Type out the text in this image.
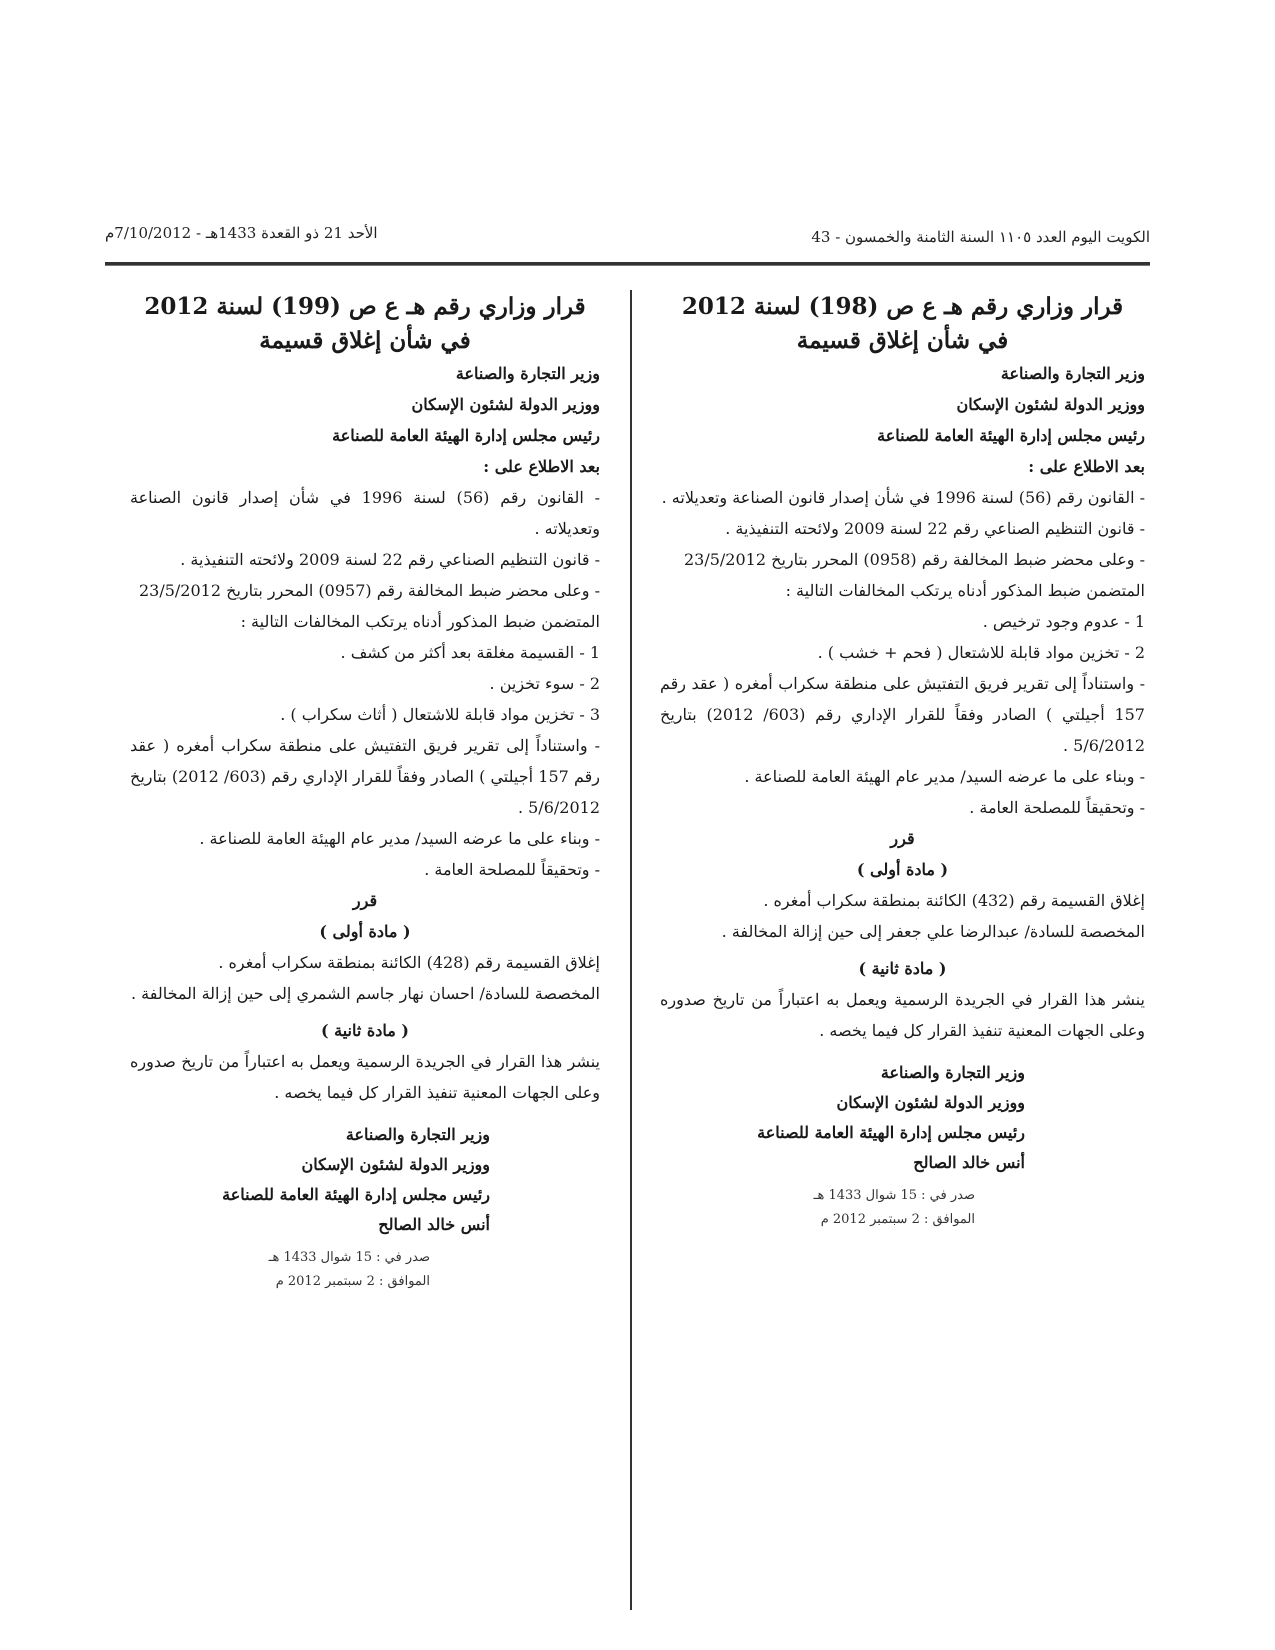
الكويت اليوم العدد ١١٠٥ السنة الثامنة والخمسون - 43
الأحد 21 ذو القعدة 1433هـ - 7/10/2012م

قرار وزاري رقم هـ ع ص (198) لسنة 2012

في شأن إغلاق قسيمة

وزير التجارة والصناعة

ووزير الدولة لشئون الإسكان

رئيس مجلس إدارة الهيئة العامة للصناعة

بعد الاطلاع على :

- القانون رقم (56) لسنة 1996 في شأن إصدار قانون الصناعة وتعديلاته .

- قانون التنظيم الصناعي رقم 22 لسنة 2009 ولائحته التنفيذية .

- وعلى محضر ضبط المخالفة رقم (0958) المحرر بتاريخ 23/5/2012

المتضمن ضبط المذكور أدناه يرتكب المخالفات التالية :

1 - عدوم وجود ترخيص .

2 - تخزين مواد قابلة للاشتعال ( فحم + خشب ) .

- واستناداً إلى تقرير فريق التفتيش على منطقة سكراب أمغره ( عقد رقم 157 أجيلتي ) الصادر وفقاً للقرار الإداري رقم (603/ 2012) بتاريخ 5/6/2012 .

- وبناء على ما عرضه السيد/ مدير عام الهيئة العامة للصناعة .

- وتحقيقاً للمصلحة العامة .

قرر

( مادة أولى )

إغلاق القسيمة رقم (432) الكائنة بمنطقة سكراب أمغره .

المخصصة للسادة/ عبدالرضا علي جعفر إلى حين إزالة المخالفة .

( مادة ثانية )

ينشر هذا القرار في الجريدة الرسمية ويعمل به اعتباراً من تاريخ صدوره وعلى الجهات المعنية تنفيذ القرار كل فيما يخصه .

وزير التجارة والصناعة

ووزير الدولة لشئون الإسكان

رئيس مجلس إدارة الهيئة العامة للصناعة

أنس خالد الصالح

صدر في : 15 شوال 1433 هـ

الموافق : 2 سبتمبر 2012 م

قرار وزاري رقم هـ ع ص (199) لسنة 2012

في شأن إغلاق قسيمة

وزير التجارة والصناعة

ووزير الدولة لشئون الإسكان

رئيس مجلس إدارة الهيئة العامة للصناعة

بعد الاطلاع على :

- القانون رقم (56) لسنة 1996 في شأن إصدار قانون الصناعة وتعديلاته .

- قانون التنظيم الصناعي رقم 22 لسنة 2009 ولائحته التنفيذية .

- وعلى محضر ضبط المخالفة رقم (0957) المحرر بتاريخ 23/5/2012

المتضمن ضبط المذكور أدناه يرتكب المخالفات التالية :

1 - القسيمة مغلقة بعد أكثر من كشف .

2 - سوء تخزين .

3 - تخزين مواد قابلة للاشتعال ( أثاث سكراب ) .

- واستناداً إلى تقرير فريق التفتيش على منطقة سكراب أمغره ( عقد رقم 157 أجيلتي ) الصادر وفقاً للقرار الإداري رقم (603/ 2012) بتاريخ 5/6/2012 .

- وبناء على ما عرضه السيد/ مدير عام الهيئة العامة للصناعة .

- وتحقيقاً للمصلحة العامة .

قرر

( مادة أولى )

إغلاق القسيمة رقم (428) الكائنة بمنطقة سكراب أمغره .

المخصصة للسادة/ احسان نهار جاسم الشمري إلى حين إزالة المخالفة .

( مادة ثانية )

ينشر هذا القرار في الجريدة الرسمية ويعمل به اعتباراً من تاريخ صدوره وعلى الجهات المعنية تنفيذ القرار كل فيما يخصه .

وزير التجارة والصناعة

ووزير الدولة لشئون الإسكان

رئيس مجلس إدارة الهيئة العامة للصناعة

أنس خالد الصالح

صدر في : 15 شوال 1433 هـ

الموافق : 2 سبتمبر 2012 م
